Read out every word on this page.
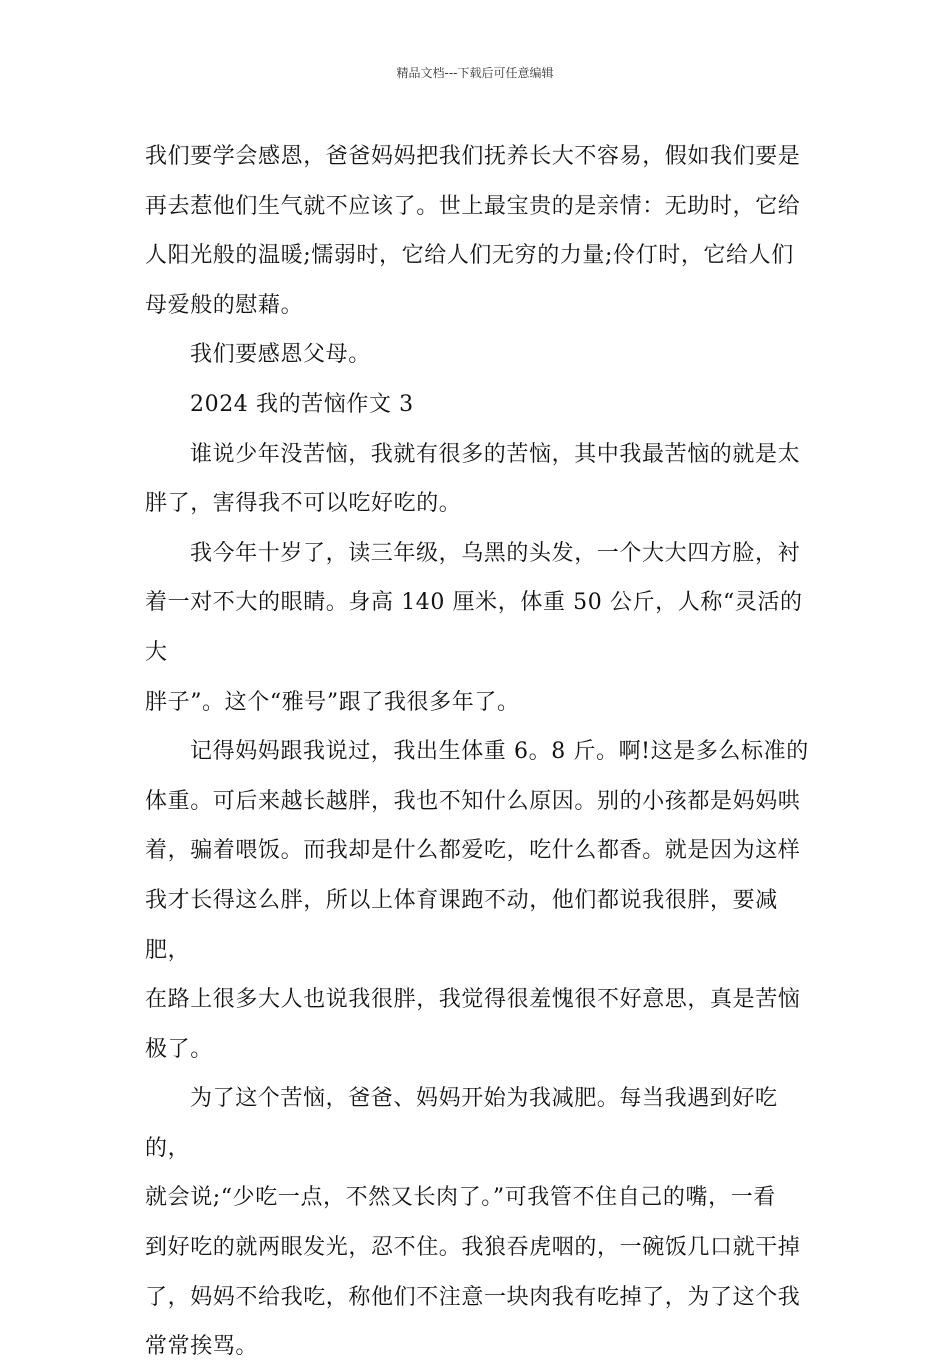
精品文档---下载后可任意编辑

我们要学会感恩，爸爸妈妈把我们抚养长大不容易，假如我们要是
再去惹他们生气就不应该了。世上最宝贵的是亲情：无助时，它给
人阳光般的温暖;懦弱时，它给人们无穷的力量;伶仃时，它给人们
母爱般的慰藉。

我们要感恩父母。

2024 我的苦恼作文 3

谁说少年没苦恼，我就有很多的苦恼，其中我最苦恼的就是太
胖了，害得我不可以吃好吃的。

我今年十岁了，读三年级，乌黑的头发，一个大大四方脸，衬
着一对不大的眼睛。身高 140 厘米，体重 50 公斤，人称“灵活的大
胖子”。这个“雅号”跟了我很多年了。

记得妈妈跟我说过，我出生体重 6。8 斤。啊!这是多么标准的
体重。可后来越长越胖，我也不知什么原因。别的小孩都是妈妈哄
着，骗着喂饭。而我却是什么都爱吃，吃什么都香。就是因为这样
我才长得这么胖，所以上体育课跑不动，他们都说我很胖，要减肥，
在路上很多大人也说我很胖，我觉得很羞愧很不好意思，真是苦恼
极了。

为了这个苦恼，爸爸、妈妈开始为我减肥。每当我遇到好吃的，
就会说;“少吃一点，不然又长肉了。”可我管不住自己的嘴，一看
到好吃的就两眼发光，忍不住。我狼吞虎咽的，一碗饭几口就干掉
了，妈妈不给我吃，称他们不注意一块肉我有吃掉了，为了这个我
常常挨骂。
